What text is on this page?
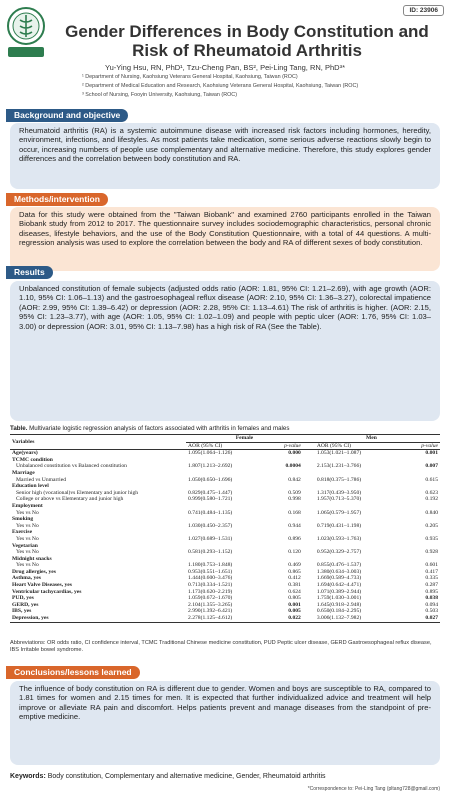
ID: 23906
Gender Differences in Body Constitution and
Risk of Rheumatoid Arthritis
Yu-Ying Hsu, RN, PhD¹, Tzu-Cheng Pan, BS², Pei-Ling Tang, RN, PhD³*
¹ Department of Nursing, Kaohsiung Veterans General Hospital, Kaohsiung, Taiwan (ROC)
² Department of Medical Education and Research, Kaohsiung Veterans General Hospital, Kaohsiung, Taiwan (ROC)
³ School of Nursing, Fooyin University, Kaohsiung, Taiwan (ROC)
Background and objective
Rheumatoid arthritis (RA) is a systemic autoimmune disease with increased risk factors including hormones, heredity, environment, infections, and lifestyles. As most patients take medication, some serious adverse reactions slowly begin to occur, increasing numbers of people use complementary and alternative medicine. Therefore, this study explores gender differences and the correlation between body constitution and RA.
Methods/intervention
Data for this study were obtained from the "Taiwan Biobank" and examined 2760 participants enrolled in the Taiwan Biobank study from 2012 to 2017. The questionnaire survey includes sociodemographic characteristics, personal chronic diseases, lifestyle behaviors, and the use of the Body Constitution Questionnaire, with a total of 44 questions. A multi-regression analysis was used to explore the correlation between the body and RA of different sexes of body constitution.
Results
Unbalanced constitution of female subjects (adjusted odds ratio (AOR: 1.81, 95% CI: 1.21–2.69), with age growth (AOR: 1.10, 95% CI: 1.06–1.13) and the gastroesophageal reflux disease (AOR: 2.10, 95% CI: 1.36–3.27), colorectal impatience (AOR: 2.99, 95% CI: 1.39–6.42) or depression (AOR: 2.28, 95% CI: 1.13–4.61) The risk of arthritis is higher. (AOR: 2.15, 95% CI: 1.23–3.77), with age (AOR: 1.05, 95% CI: 1.02–1.09) and people with peptic ulcer (AOR: 1.76, 95% CI: 1.03–3.00) or depression (AOR: 3.01, 95% CI: 1.13–7.98) has a high risk of RA (See the Table).
Table. Multivariate logistic regression analysis of factors associated with arthritis in females and males
Variables	Female		Men	
	AOR (95% CI)	p-value	AOR (95% CI)	p-value
Age(years)	1.095(1.064–1.126)	0.000	1.053(1.021–1.087)	0.001
TCMC condition				
Unbalanced constitution vs Balanced constitution	1.807(1.213–2.692)	0.0004	2.153(1.231–3.766)	0.007
Marriage				
Married vs Unmarried	1.050(0.650–1.696)	0.842	0.818(0.375–1.786)	0.615
Education level				
Senior high (vocational)vs Elementary and junior high	0.829(0.475–1.447)	0.509	1.317(0.439–3.950)	0.623
College or above vs Elementary and junior high	0.999(0.580–1.721)	0.998	1.957(0.713–5.370)	0.192
Employment				
Yes vs No	0.741(0.484–1.135)	0.168	1.065(0.579–1.957)	0.840
Smoking				
Yes vs No	1.030(0.450–2.357)	0.944	0.719(0.431–1.198)	0.205
Exercise				
Yes vs No	1.027(0.689–1.531)	0.896	1.023(0.593–1.763)	0.935
Vegetarian				
Yes vs No	0.581(0.293–1.152)	0.120	0.952(0.329–2.757)	0.928
Midnight snacks				
Yes vs No	1.180(0.753–1.848)	0.469	0.855(0.476–1.537)	0.601
Drug allergies, yes	0.953(0.551–1.651)	0.865	1.380(0.634–3.003)	0.417
Asthma, yes	1.444(0.600–3.476)	0.412	1.669(0.589–4.733)	0.335
Heart Valve Diseases, yes	0.713(0.334–1.521)	0.381	1.694(0.642–4.471)	0.287
Ventricular tachycardias, yes	1.173(0.620–2.219)	0.624	1.071(0.389–2.944)	0.895
PUD, yes	1.059(0.672–1.670)	0.805	1.759(1.030–3.001)	0.038
GERD, yes	2.104(1.355–3.265)	0.001	1.645(0.918–2.948)	0.094
IBS, yes	2.990(1.392–6.421)	0.005	0.650(0.184–2.295)	0.503
Depression, yes	2.278(1.125–4.612)	0.022	3.006(1.132–7.982)	0.027
Abbreviations: OR odds ratio, CI confidence interval, TCMC Traditional Chinese medicine constitution, PUD Peptic ulcer disease, GERD Gastroesophageal reflux disease, IBS Irritable bowel syndrome.
Conclusions/lessons learned
The influence of body constitution on RA is different due to gender. Women and boys are susceptible to RA, compared to 1.81 times for women and 2.15 times for men. It is expected that further individualized advice and treatment will help improve or alleviate RA pain and discomfort. Helps patients prevent and manage diseases from the standpoint of pre-emptive medicine.
Keywords: Body constitution, Complementary and alternative medicine, Gender, Rheumatoid arthritis
*Correspondence to: Pei-Ling Tang (pltang728@gmail.com)
